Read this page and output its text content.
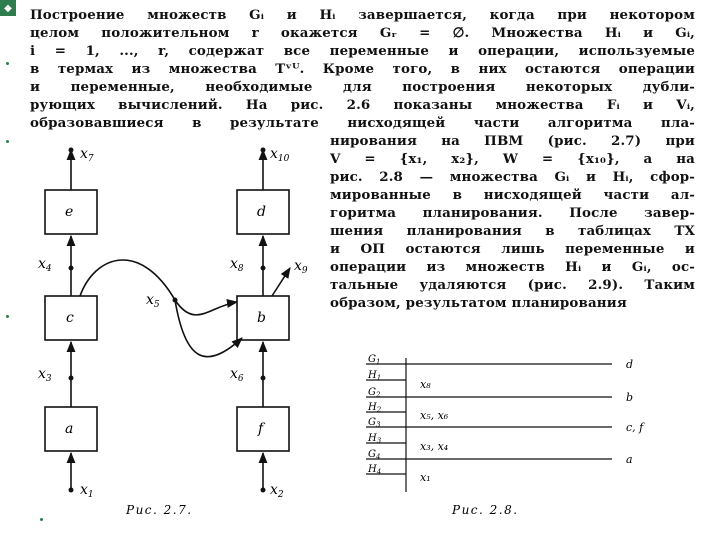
◆	Построение множеств Gᵢ и Hᵢ завершается, когда при некотором
целом положительном r окажется Gᵣ = ∅. Множества Hᵢ и Gᵢ,
i = 1, ..., r, содержат все переменные и операции, используемые
в термах из множества Tᵛᵂ. Кроме того, в них остаются операции
и переменные, необходимые для построения некоторых дубли-
рующих вычислений. На рис. 2.6 показаны множества Fᵢ и Vᵢ,
образовавшиеся в результате нисходящей части алгоритма пла-
нирования на ПВМ (рис. 2.7) при
V = {x₁, x₂}, W = {x₁₀}, а на
рис. 2.8 — множества Gᵢ и Hᵢ, сфор-
мированные в нисходящей части ал-
горитма планирования. После завер-
шения планирования в таблицах TX
и ОП остаются лишь переменные и
операции из множеств Hᵢ и Gᵢ, ос-
тальные удаляются (рис. 2.9). Таким
образом, результатом планирования
e	d
c	b
a	f
x7	x10
x4	x8	x9
x5
x3	x6
x1	x2
Рис. 2.7.
G1
H1
G2
H2
G3
H3
G4
H4
x₈
x₅, x₆
x₃, x₄
x₁
d
b
c, f
a
Рис. 2.8.
